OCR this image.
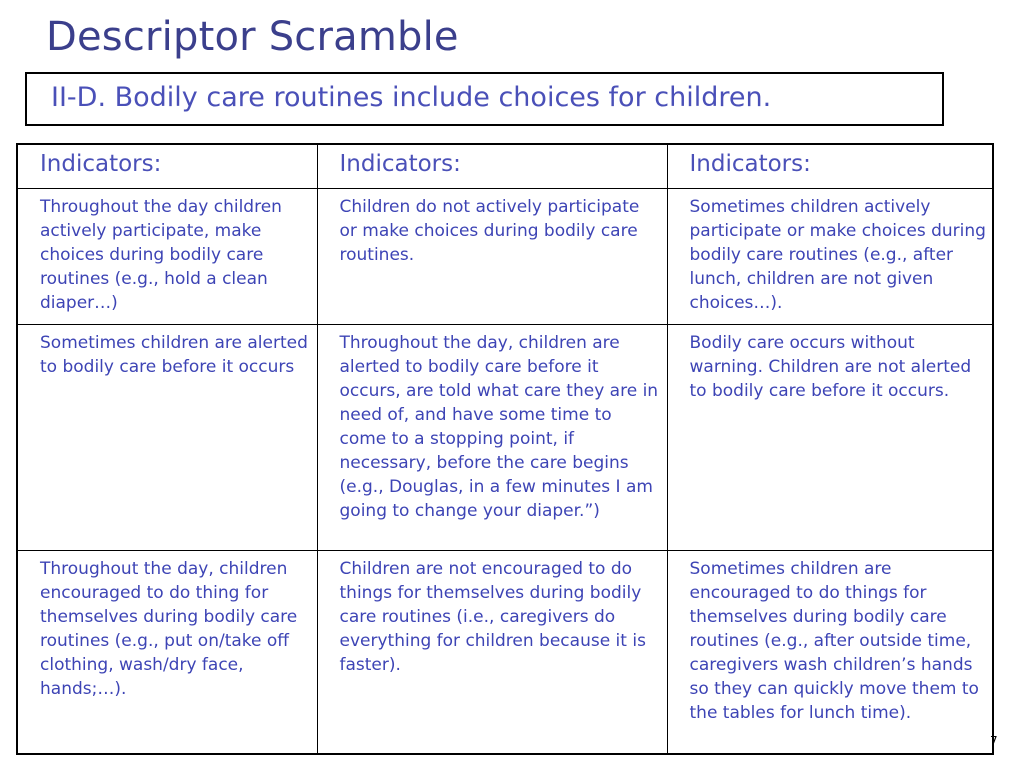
Descriptor Scramble
II-D. Bodily care routines include choices for children.
Indicators:	Indicators:	Indicators:
Throughout the day children actively participate, make choices during bodily care routines (e.g., hold a clean diaper…)	Children do not actively participate or make choices during bodily care routines.	Sometimes children actively participate or make choices during bodily care routines (e.g., after lunch, children are not given choices…).
Sometimes children are alerted to bodily care before it occurs	Throughout the day, children are alerted to bodily care before it occurs, are told what care they are in need of, and have some time to come to a stopping point, if necessary, before the care begins (e.g., Douglas, in a few minutes I am going to change your diaper.”)	Bodily care occurs without warning. Children are not alerted to bodily care before it occurs.
Throughout the day, children encouraged to do thing for themselves during bodily care routines (e.g., put on/take off clothing, wash/dry face, hands;…).	Children are not encouraged to do things for themselves during bodily care routines (i.e., caregivers do everything for children because it is faster).	Sometimes children are encouraged to do things for themselves during bodily care routines (e.g., after outside time, caregivers wash children’s hands so they can quickly move them to the tables for lunch time).
7
